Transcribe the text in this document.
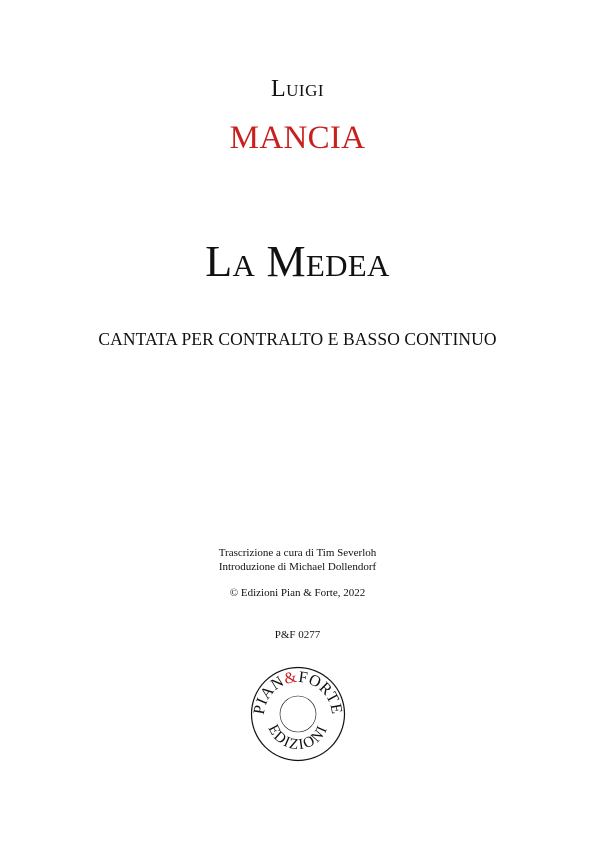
Luigi
MANCIA
La Medea
CANTATA PER CONTRALTO E BASSO CONTINUO
Trascrizione a cura di Tim Severloh
Introduzione di Michael Dollendorf
© Edizioni Pian & Forte, 2022
P&F 0277
PIAN&FORTE
EDIZIONI
